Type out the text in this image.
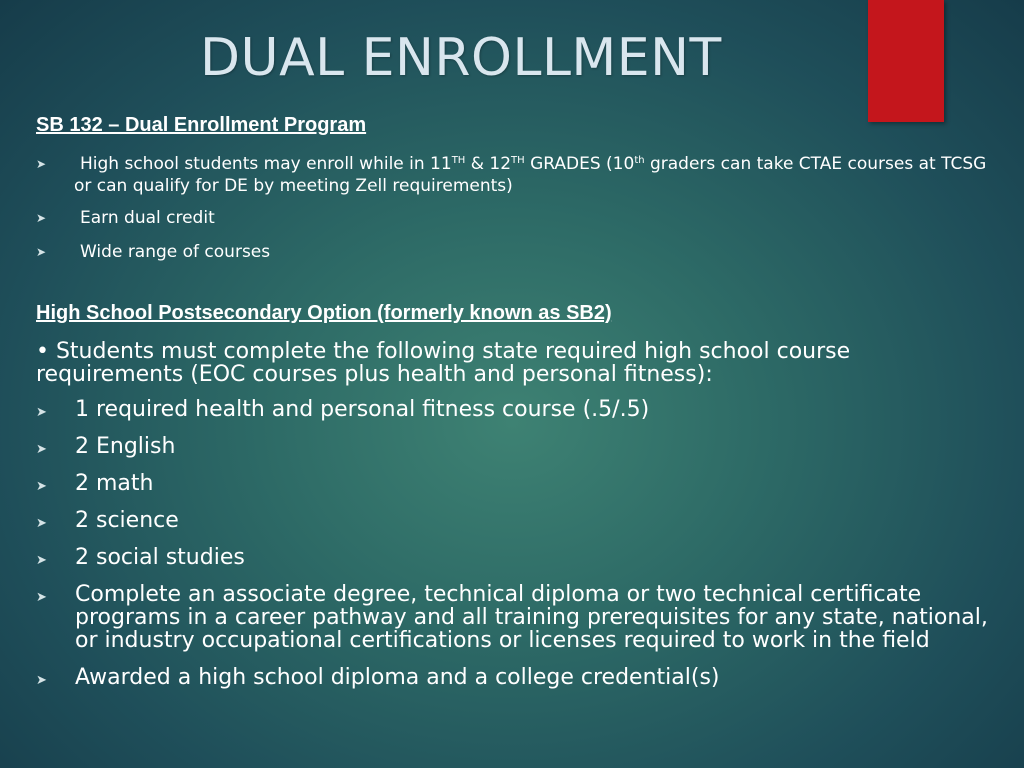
DUAL ENROLLMENT
SB 132 – Dual Enrollment Program
➤ High school students may enroll while in 11TH & 12TH GRADES (10th graders can take CTAE courses at TCSG or can qualify for DE by meeting Zell requirements)
➤ Earn dual credit
➤ Wide range of courses
High School Postsecondary Option (formerly known as SB2)

• Students must complete the following state required high school course requirements (EOC courses plus health and personal fitness):

➤ 1 required health and personal fitness course (.5/.5)
➤ 2 English
➤ 2 math
➤ 2 science
➤ 2 social studies
➤ Complete an associate degree, technical diploma or two technical certificate programs in a career pathway and all training prerequisites for any state, national, or industry occupational certifications or licenses required to work in the field
➤ Awarded a high school diploma and a college credential(s)
